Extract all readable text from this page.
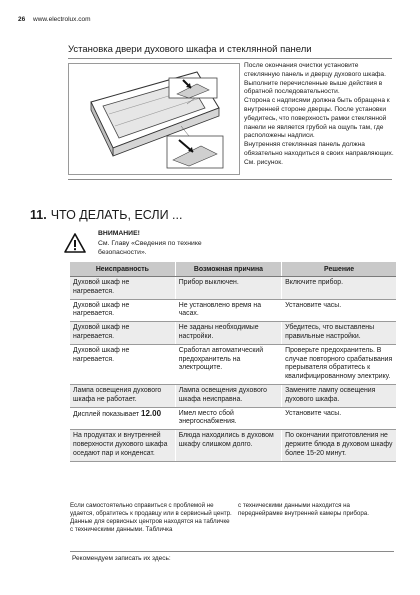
26 www.electrolux.com
Установка двери духового шкафа и стеклянной панели

После окончания очистки установите стеклянную панель и дверцу духового шкафа. Выполните перечисленные выше действия в обратной последовательности.

Сторона с надписями должна быть обращена к внутренней стороне дверцы. После установки убедитесь, что поверхность рамки стеклянной панели не является грубой на ощупь там, где расположены надписи.

Внутренняя стеклянная панель должна обязательно находиться в своих направляющих. См. рисунок.

11. ЧТО ДЕЛАТЬ, ЕСЛИ ...
ВНИМАНИЕ!
См. Главу «Сведения по технике безопасности».
Неисправность	Возможная причина	Решение
Духовой шкаф не нагревается.	Прибор выключен.	Включите прибор.
Духовой шкаф не нагревается.	Не установлено время на часах.	Установите часы.
Духовой шкаф не нагревается.	Не заданы необходимые настройки.	Убедитесь, что выставлены правильные настройки.
Духовой шкаф не нагревается.	Сработал автоматический предохранитель на электрощите.	Проверьте предохранитель. В случае повторного срабатывания прерывателя обратитесь к квалифицированному электрику.
Лампа освещения духового шкафа не работает.	Лампа освещения духового шкафа неисправна.	Замените лампу освещения духового шкафа.
Дисплей показывает 12.00	Имел место сбой энергоснабжения.	Установите часы.
На продуктах и внутренней поверхности духового шкафа оседают пар и конденсат.	Блюда находились в духовом шкафу слишком долго.	По окончании приготовления не держите блюда в духовом шкафу более 15-20 минут.
Если самостоятельно справиться с проблемой не удается, обратитесь к продавцу или в сервисный центр. Данные для сервисных центров находятся на табличке с техническими данными. Табличка
с техническими данными находится на переднейрамке внутренней камеры прибора.
Рекомендуем записать их здесь:
